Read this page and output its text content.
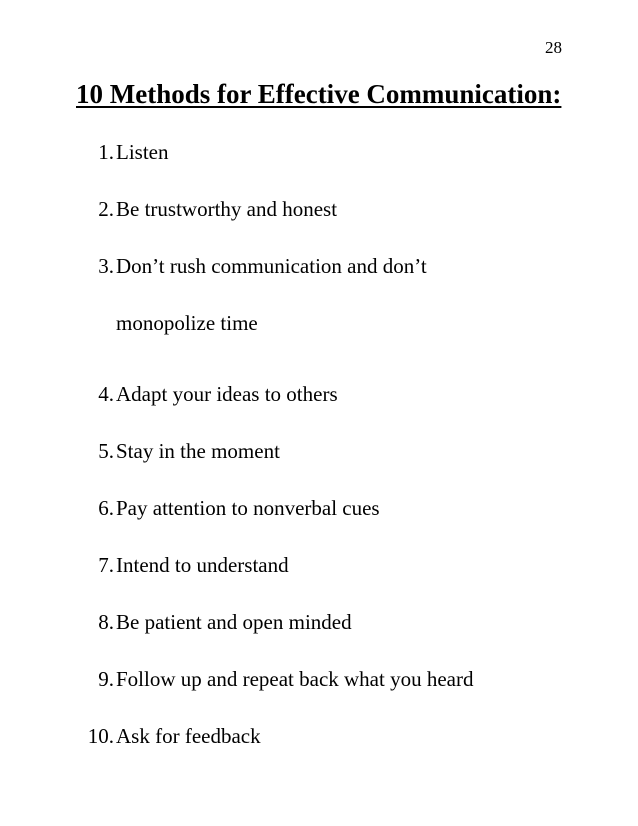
28
10 Methods for Effective Communication:
1. Listen
2. Be trustworthy and honest
3. Don’t rush communication and don’t
monopolize time
4. Adapt your ideas to others
5. Stay in the moment
6. Pay attention to nonverbal cues
7. Intend to understand
8. Be patient and open minded
9. Follow up and repeat back what you heard
10. Ask for feedback
